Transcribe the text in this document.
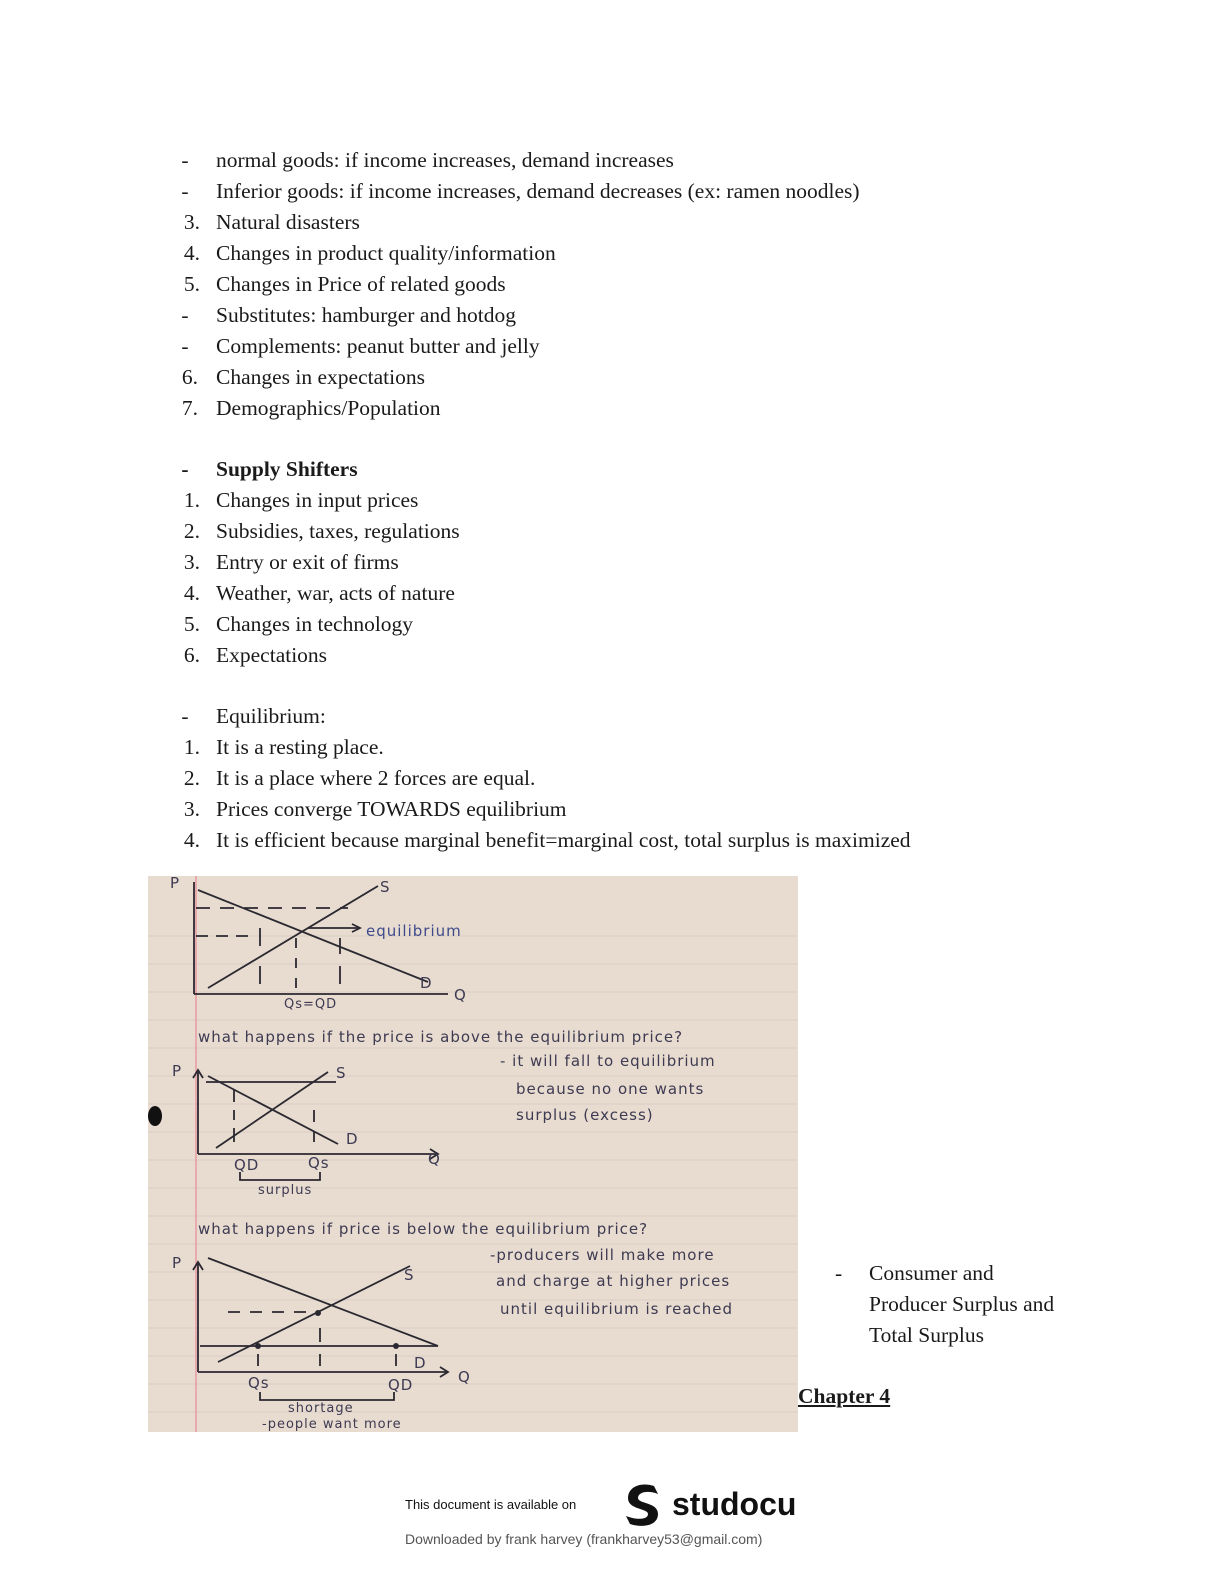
- normal goods: if income increases, demand increases
- Inferior goods: if income increases, demand decreases (ex: ramen noodles)
3. Natural disasters
4. Changes in product quality/information
5. Changes in Price of related goods
- Substitutes: hamburger and hotdog
- Complements: peanut butter and jelly
6. Changes in expectations
7. Demographics/Population
- Supply Shifters
1. Changes in input prices
2. Subsidies, taxes, regulations
3. Entry or exit of firms
4. Weather, war, acts of nature
5. Changes in technology
6. Expectations
- Equilibrium:
1. It is a resting place.
2. It is a place where 2 forces are equal.
3. Prices converge TOWARDS equilibrium
4. It is efficient because marginal benefit=marginal cost, total surplus is maximized
P	S
D
Q
equilibrium
Qs=QD
what happens if the price is above the equilibrium price?
- it will fall to equilibrium
because no one wants
surplus (excess)
P	S
D
Q
QD	Qs
surplus
what happens if price is below the equilibrium price?
-producers will make more
and charge at higher prices
until equilibrium is reached
P
S
D
Q
Qs	QD
shortage
-people want more
- Consumer and Producer Surplus and Total Surplus
Chapter 4
This document is available on	studocu
Downloaded by frank harvey (frankharvey53@gmail.com)
